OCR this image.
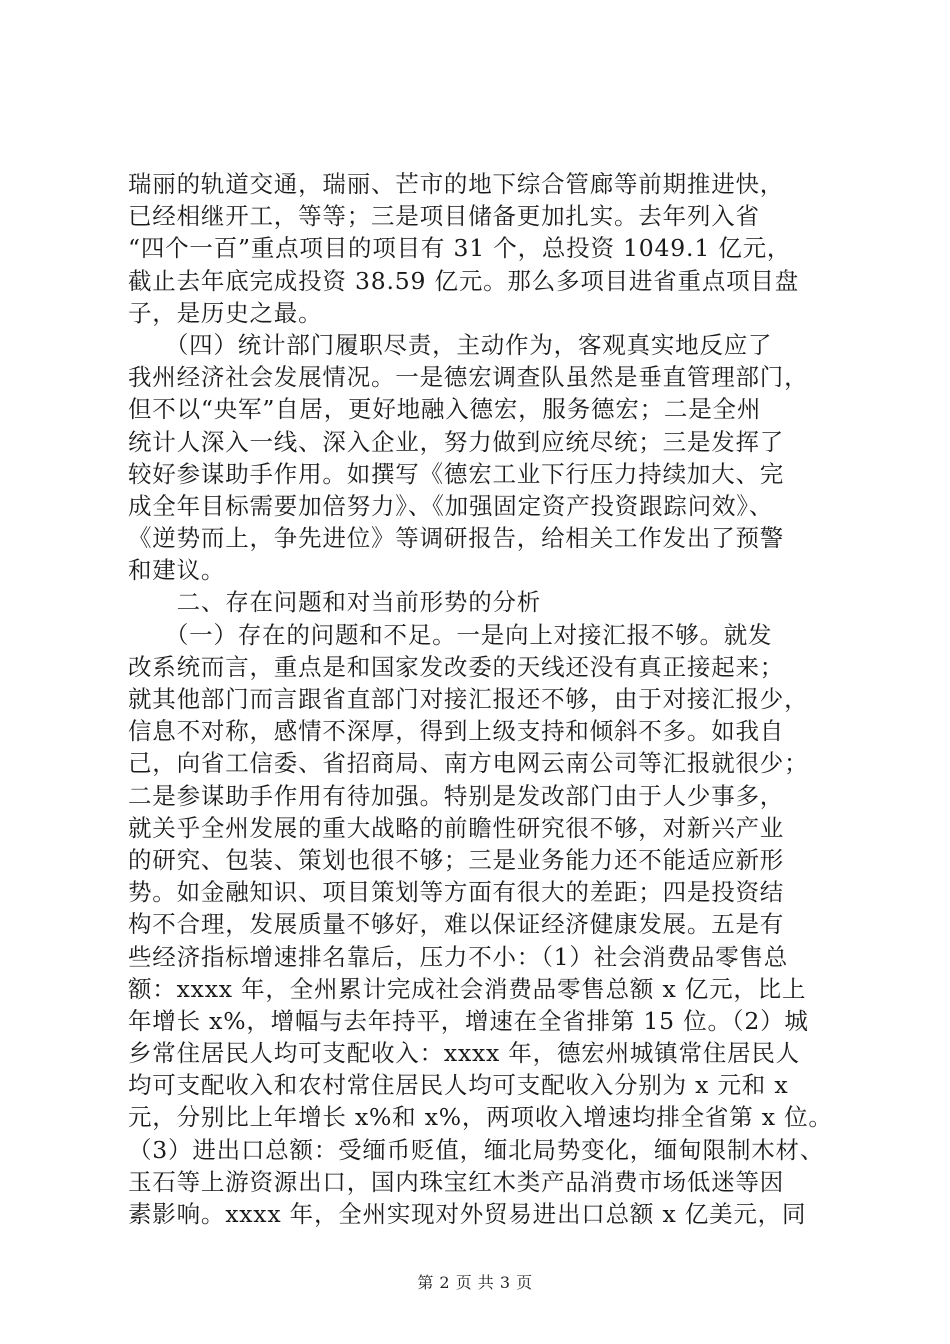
瑞丽的轨道交通，瑞丽、芒市的地下综合管廊等前期推进快，
已经相继开工，等等；三是项目储备更加扎实。去年列入省
“四个一百”重点项目的项目有 31 个，总投资 1049.1 亿元，
截止去年底完成投资 38.59 亿元。那么多项目进省重点项目盘
子，是历史之最。
　　（四）统计部门履职尽责，主动作为，客观真实地反应了
我州经济社会发展情况。一是德宏调查队虽然是垂直管理部门，
但不以“央军”自居，更好地融入德宏，服务德宏；二是全州
统计人深入一线、深入企业，努力做到应统尽统；三是发挥了
较好参谋助手作用。如撰写《德宏工业下行压力持续加大、完
成全年目标需要加倍努力》、《加强固定资产投资跟踪问效》、
《逆势而上，争先进位》等调研报告，给相关工作发出了预警
和建议。
　　二、存在问题和对当前形势的分析
　　（一）存在的问题和不足。一是向上对接汇报不够。就发
改系统而言，重点是和国家发改委的天线还没有真正接起来；
就其他部门而言跟省直部门对接汇报还不够，由于对接汇报少，
信息不对称，感情不深厚，得到上级支持和倾斜不多。如我自
己，向省工信委、省招商局、南方电网云南公司等汇报就很少；
二是参谋助手作用有待加强。特别是发改部门由于人少事多，
就关乎全州发展的重大战略的前瞻性研究很不够，对新兴产业
的研究、包装、策划也很不够；三是业务能力还不能适应新形
势。如金融知识、项目策划等方面有很大的差距；四是投资结
构不合理，发展质量不够好，难以保证经济健康发展。五是有
些经济指标增速排名靠后，压力不小：（1）社会消费品零售总
额：xxxx 年，全州累计完成社会消费品零售总额 x 亿元，比上
年增长 x%，增幅与去年持平，增速在全省排第 15 位。（2）城
乡常住居民人均可支配收入：xxxx 年，德宏州城镇常住居民人
均可支配收入和农村常住居民人均可支配收入分别为 x 元和 x
元，分别比上年增长 x%和 x%，两项收入增速均排全省第 x 位。
（3）进出口总额：受缅币贬值，缅北局势变化，缅甸限制木材、
玉石等上游资源出口，国内珠宝红木类产品消费市场低迷等因
素影响。xxxx 年，全州实现对外贸易进出口总额 x 亿美元，同
第 2 页 共 3 页
